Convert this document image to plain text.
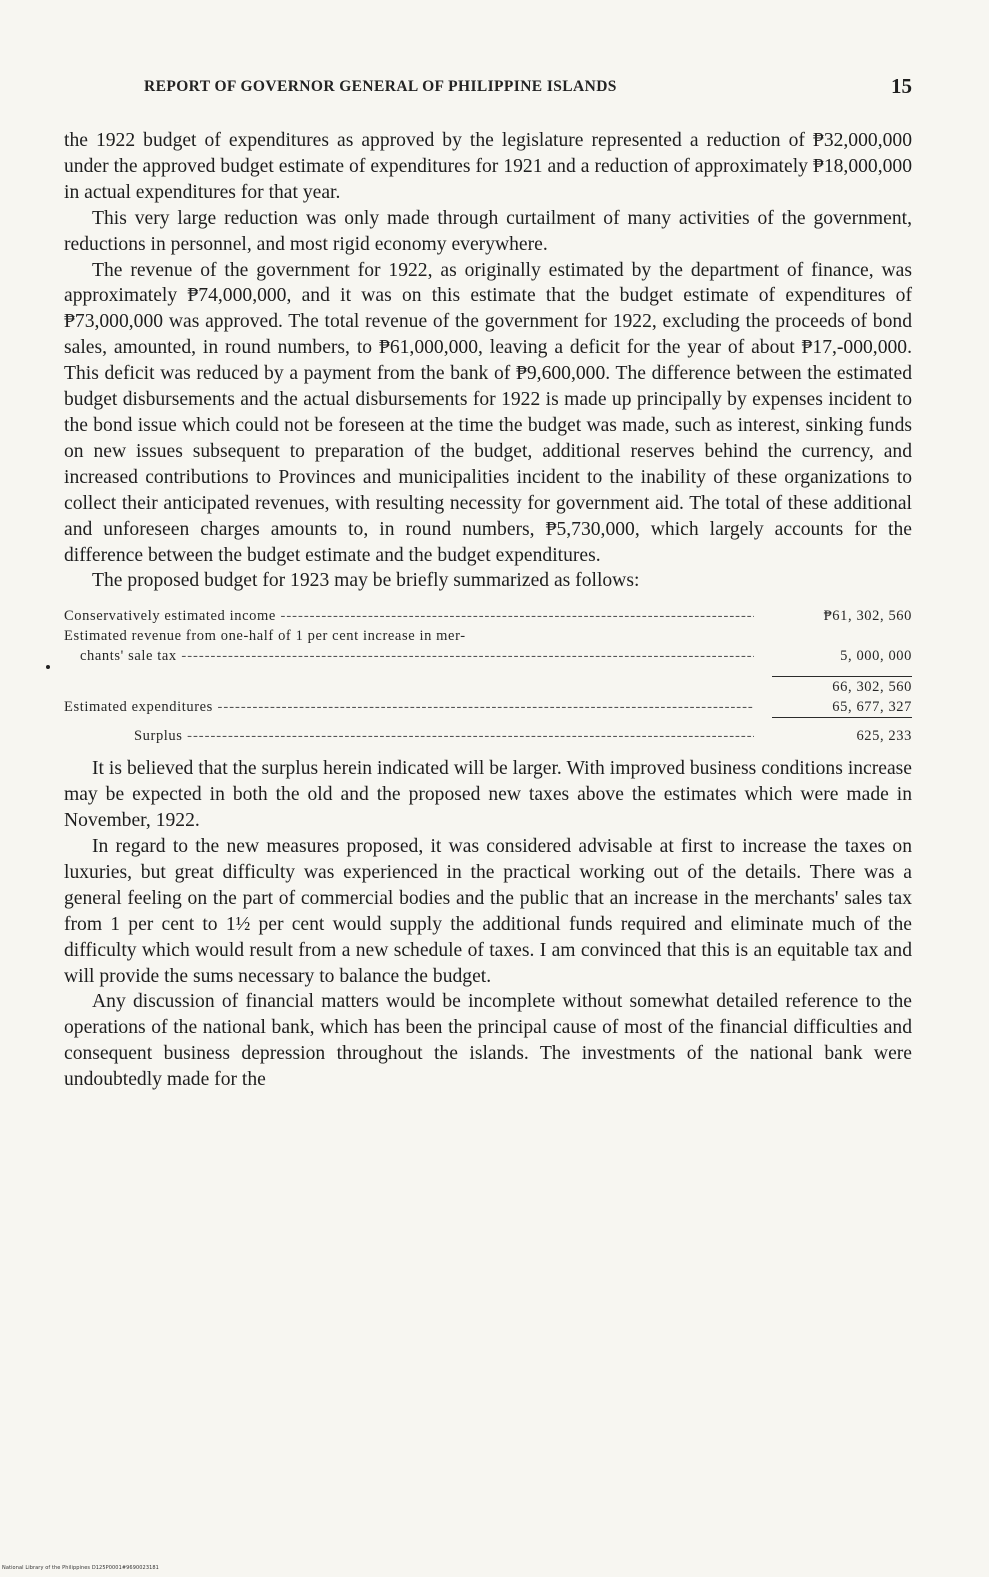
REPORT OF GOVERNOR GENERAL OF PHILIPPINE ISLANDS	15

the 1922 budget of expenditures as approved by the legislature represented a reduction of ₱32,000,000 under the approved budget estimate of expenditures for 1921 and a reduction of approximately ₱18,000,000 in actual expenditures for that year.

This very large reduction was only made through curtailment of many activities of the government, reductions in personnel, and most rigid economy everywhere.

The revenue of the government for 1922, as originally estimated by the department of finance, was approximately ₱74,000,000, and it was on this estimate that the budget estimate of expenditures of ₱73,000,000 was approved. The total revenue of the government for 1922, excluding the proceeds of bond sales, amounted, in round numbers, to ₱61,000,000, leaving a deficit for the year of about ₱17,-000,000. This deficit was reduced by a payment from the bank of ₱9,600,000. The difference between the estimated budget disbursements and the actual disbursements for 1922 is made up principally by expenses incident to the bond issue which could not be foreseen at the time the budget was made, such as interest, sinking funds on new issues subsequent to preparation of the budget, additional reserves behind the currency, and increased contributions to Provinces and municipalities incident to the inability of these organizations to collect their anticipated revenues, with resulting necessity for government aid. The total of these additional and unforeseen charges amounts to, in round numbers, ₱5,730,000, which largely accounts for the difference between the budget estimate and the budget expenditures.

The proposed budget for 1923 may be briefly summarized as follows:

Conservatively estimated income -----	₱61, 302, 560
Estimated revenue from one-half of 1 per cent increase in mer-
chants' sale tax -----	5, 000, 000
66, 302, 560
Estimated expenditures -----	65, 677, 327
Surplus -----	625, 233

It is believed that the surplus herein indicated will be larger. With improved business conditions increase may be expected in both the old and the proposed new taxes above the estimates which were made in November, 1922.

In regard to the new measures proposed, it was considered advisable at first to increase the taxes on luxuries, but great difficulty was experienced in the practical working out of the details. There was a general feeling on the part of commercial bodies and the public that an increase in the merchants' sales tax from 1 per cent to 1½ per cent would supply the additional funds required and eliminate much of the difficulty which would result from a new schedule of taxes. I am convinced that this is an equitable tax and will provide the sums necessary to balance the budget.

Any discussion of financial matters would be incomplete without somewhat detailed reference to the operations of the national bank, which has been the principal cause of most of the financial difficulties and consequent business depression throughout the islands. The investments of the national bank were undoubtedly made for the

National Library of the Philippines D125P0001#9690023181
